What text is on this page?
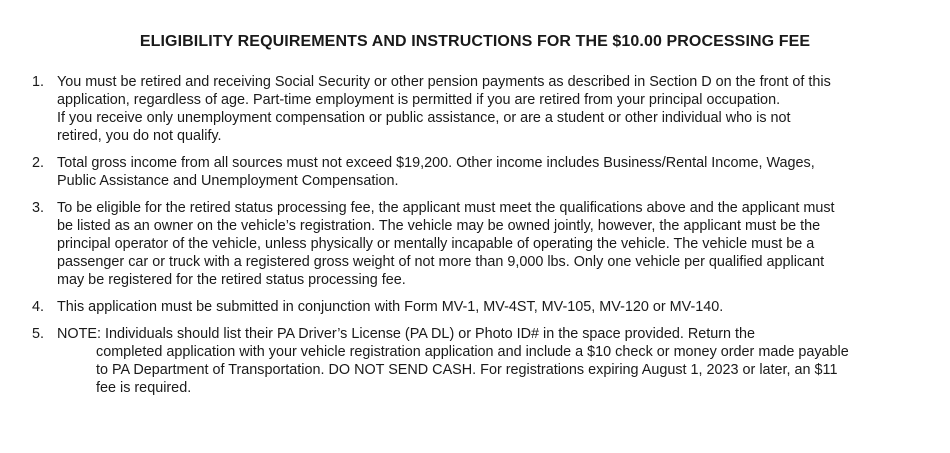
ELIGIBILITY REQUIREMENTS AND INSTRUCTIONS FOR THE $10.00 PROCESSING FEE
1. You must be retired and receiving Social Security or other pension payments as described in Section D on the front of this
application, regardless of age. Part-time employment is permitted if you are retired from your principal occupation.
If you receive only unemployment compensation or public assistance, or are a student or other individual who is not
retired, you do not qualify.
2. Total gross income from all sources must not exceed $19,200. Other income includes Business/Rental Income, Wages,
Public Assistance and Unemployment Compensation.
3. To be eligible for the retired status processing fee, the applicant must meet the qualifications above and the applicant must
be listed as an owner on the vehicle’s registration. The vehicle may be owned jointly, however, the applicant must be the
principal operator of the vehicle, unless physically or mentally incapable of operating the vehicle. The vehicle must be a
passenger car or truck with a registered gross weight of not more than 9,000 lbs. Only one vehicle per qualified applicant
may be registered for the retired status processing fee.
4. This application must be submitted in conjunction with Form MV-1, MV-4ST, MV-105, MV-120 or MV-140.
5. NOTE: Individuals should list their PA Driver’s License (PA DL) or Photo ID# in the space provided. Return the
completed application with your vehicle registration application and include a $10 check or money order made payable
to PA Department of Transportation. DO NOT SEND CASH. For registrations expiring August 1, 2023 or later, an $11
fee is required.
